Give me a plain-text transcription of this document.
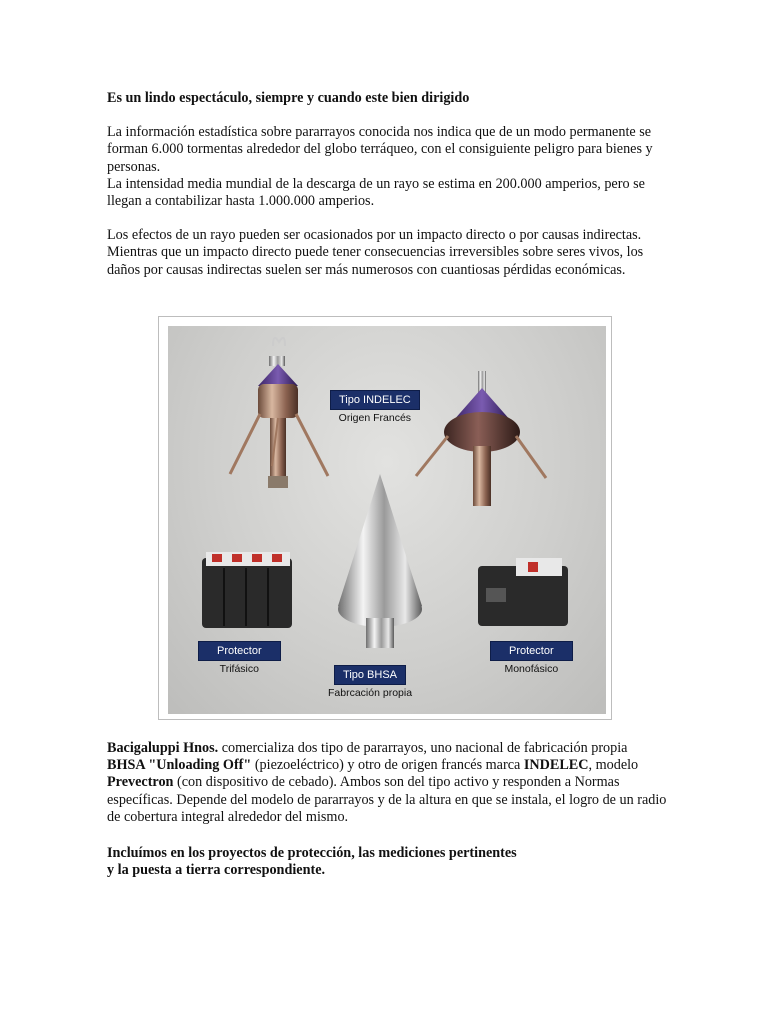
Es un lindo espectáculo, siempre y cuando este bien dirigido

La información estadística sobre pararrayos conocida nos indica que de un modo permanente se forman 6.000 tormentas alrededor del globo terráqueo, con el consiguiente peligro para bienes y personas.

La intensidad media mundial de la descarga de un rayo se estima en 200.000 amperios, pero se llegan a contabilizar hasta 1.000.000 amperios.

Los efectos de un rayo pueden ser ocasionados por un impacto directo o por causas indirectas. Mientras que un impacto directo puede tener consecuencias irreversibles sobre seres vivos, los daños por causas indirectas suelen ser más numerosos con cuantiosas pérdidas económicas.

Tipo INDELEC
Origen Francés
Protector
Trifásico	Tipo BHSA
Fabrcación propia
Protector
Monofásico

Bacigaluppi Hnos. comercializa dos tipo de pararrayos, uno nacional de fabricación propia BHSA "Unloading Off" (piezoeléctrico) y otro de origen francés marca INDELEC, modelo Prevectron (con dispositivo de cebado). Ambos son del tipo activo y responden a Normas específicas. Depende del modelo de pararrayos y de la altura en que se instala, el logro de un radio de cobertura integral alrededor del mismo.

Incluímos en los proyectos de protección, las mediciones pertinentes
y la puesta a tierra correspondiente.
